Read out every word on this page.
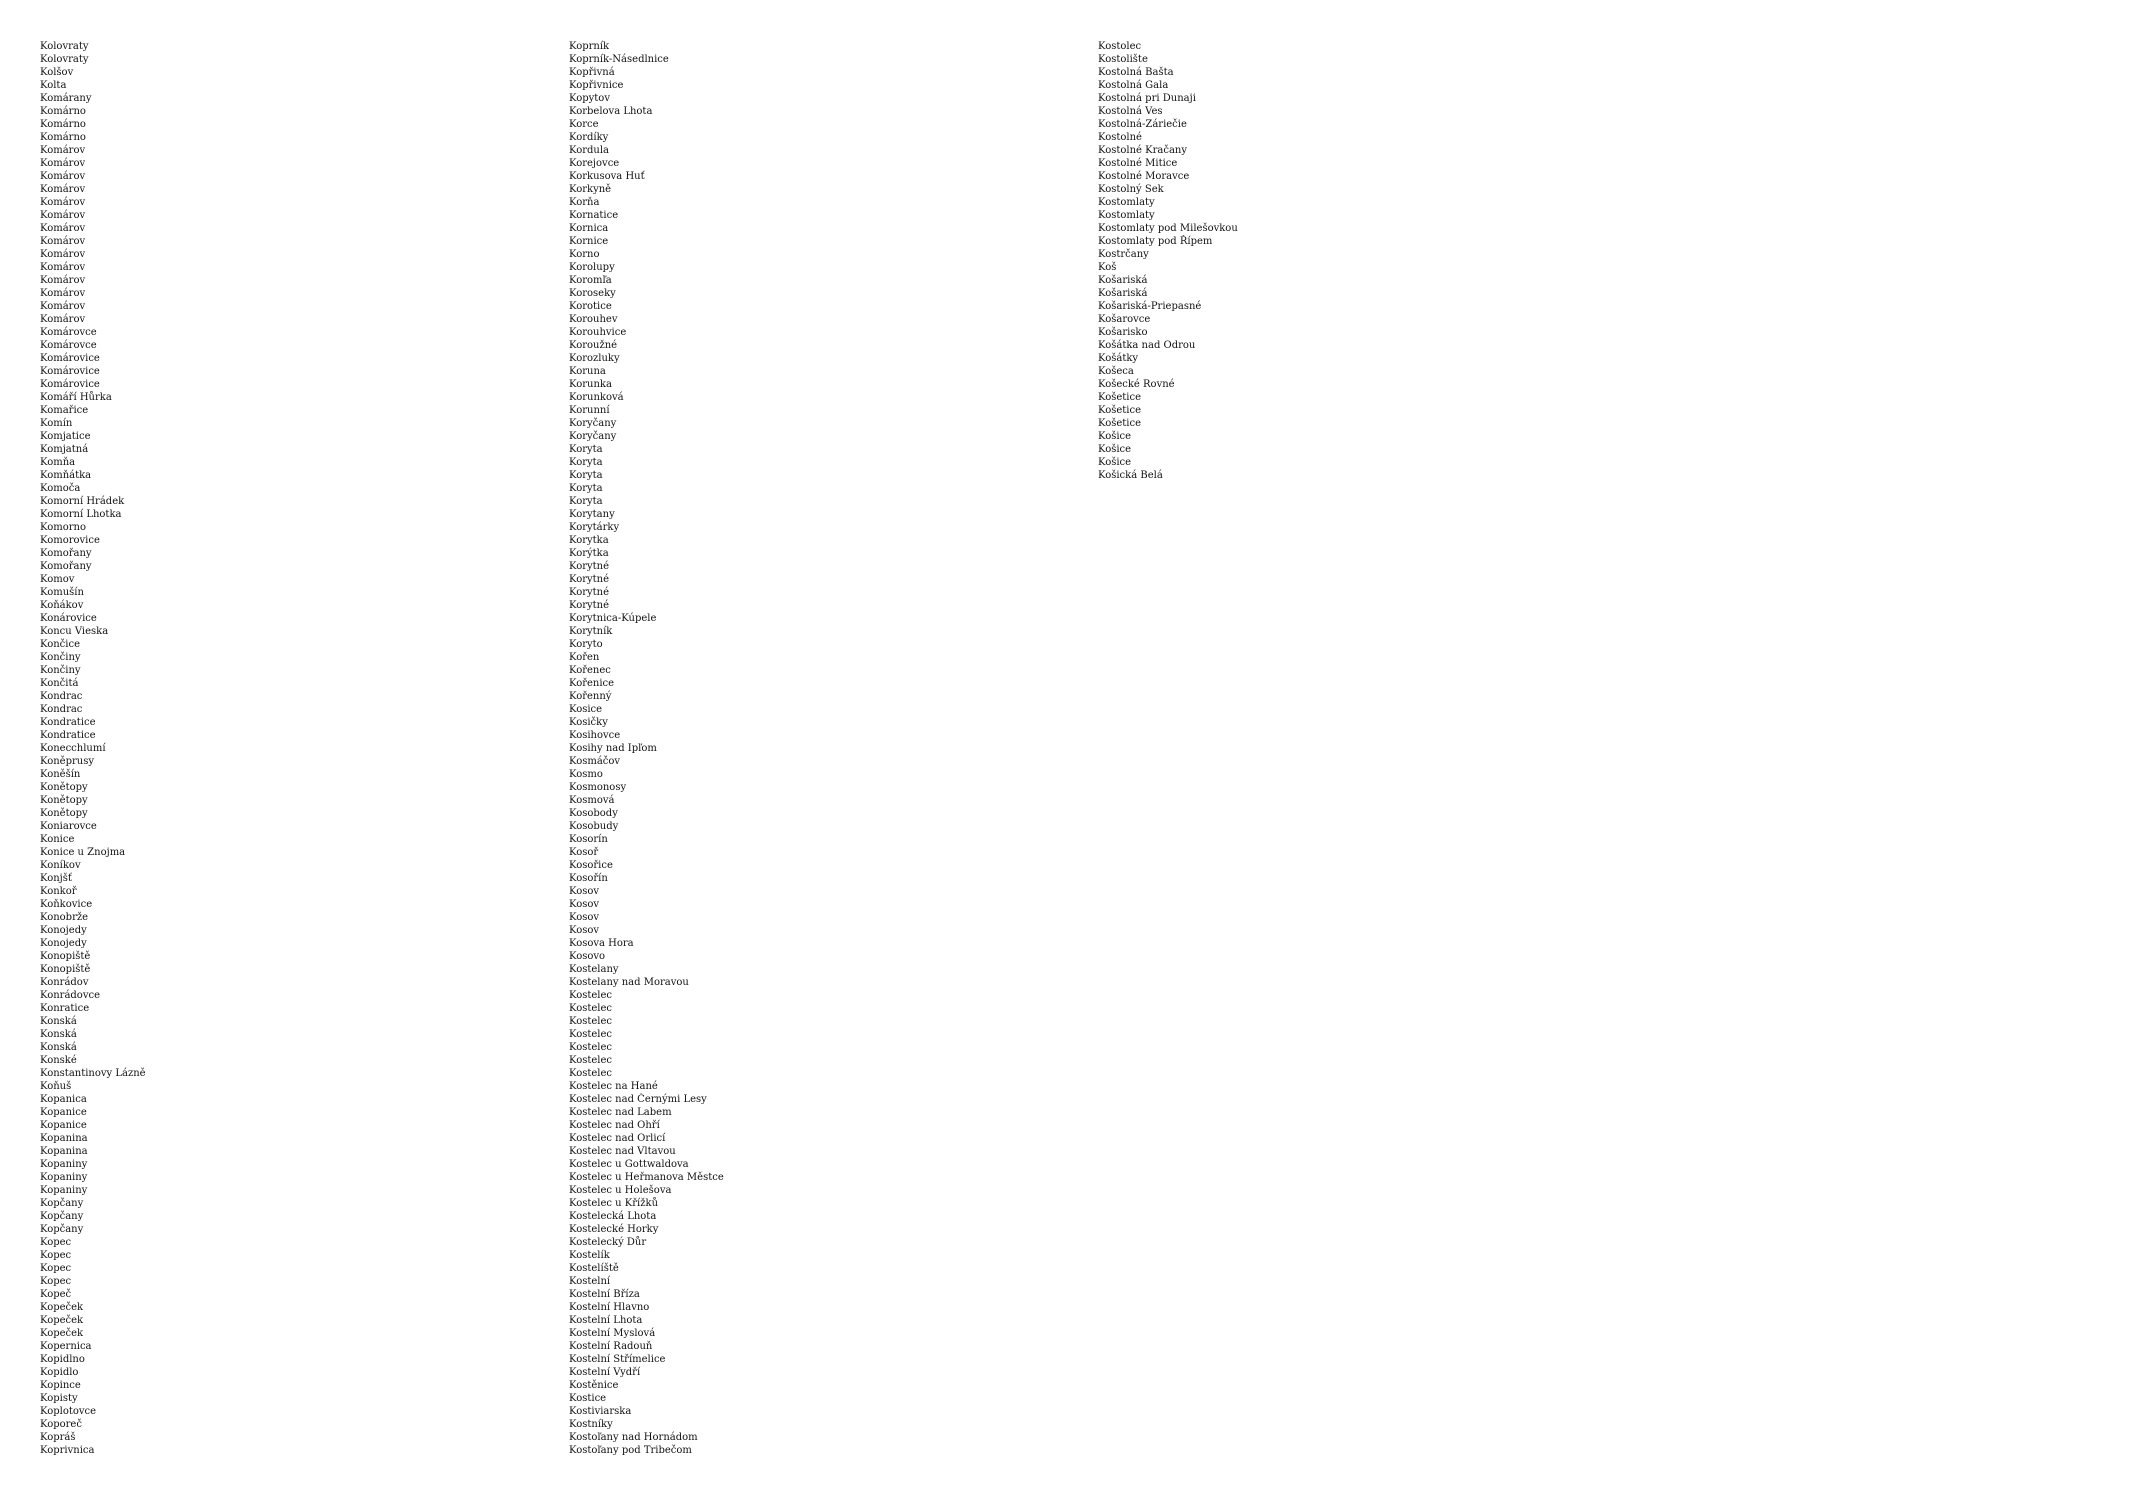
Kolovraty
Kolovraty
Kolšov
Kolta
Komárany
Komárno
Komárno
Komárno
Komárov
Komárov
Komárov
Komárov
Komárov
Komárov
Komárov
Komárov
Komárov
Komárov
Komárov
Komárov
Komárov
Komárov
Komárovce
Komárovce
Komárovice
Komárovice
Komárovice
Komáří Hůrka
Komařice
Komín
Komjatice
Komjatná
Komňa
Komňátka
Komoča
Komorní Hrádek
Komorní Lhotka
Komorno
Komorovice
Komořany
Komořany
Komov
Komušín
Koňákov
Konárovice
Koncu Vieska
Končice
Končiny
Končiny
Končitá
Kondrac
Kondrac
Kondratice
Kondratice
Konecchlumí
Koněprusy
Koněšín
Konětopy
Konětopy
Konětopy
Koniarovce
Konice
Konice u Znojma
Koníkov
Konjšť
Konkoř
Koňkovice
Konobrže
Konojedy
Konojedy
Konopiště
Konopiště
Konrádov
Konrádovce
Konratice
Konská
Konská
Konská
Konské
Konstantinovy Lázně
Koňuš
Kopanica
Kopanice
Kopanice
Kopanina
Kopanina
Kopaniny
Kopaniny
Kopaniny
Kopčany
Kopčany
Kopčany
Kopec
Kopec
Kopec
Kopec
Kopeč
Kopeček
Kopeček
Kopeček
Kopernica
Kopidlno
Kopidlo
Kopince
Kopisty
Koplotovce
Koporeč
Kopráš
Koprivnica
Koprník
Koprník-Násedlnice
Kopřivná
Kopřivnice
Kopytov
Korbelova Lhota
Korce
Kordíky
Kordula
Korejovce
Korkusova Huť
Korkyně
Korňa
Kornatice
Kornica
Kornice
Korno
Korolupy
Koromľa
Koroseky
Korotice
Korouhev
Korouhvice
Koroužné
Korozluky
Koruna
Korunka
Korunková
Korunní
Koryčany
Koryčany
Koryta
Koryta
Koryta
Koryta
Koryta
Korytany
Korytárky
Korytka
Korýtka
Korytné
Korytné
Korytné
Korytné
Korytnica-Kúpele
Korytník
Koryto
Kořen
Kořenec
Kořenice
Kořenný
Kosice
Kosičky
Kosihovce
Kosihy nad Ipľom
Kosmáčov
Kosmo
Kosmonosy
Kosmová
Kosobody
Kosobudy
Kosorín
Kosoř
Kosořice
Kosořín
Kosov
Kosov
Kosov
Kosov
Kosova Hora
Kosovo
Kostelany
Kostelany nad Moravou
Kostelec
Kostelec
Kostelec
Kostelec
Kostelec
Kostelec
Kostelec
Kostelec na Hané
Kostelec nad Černými Lesy
Kostelec nad Labem
Kostelec nad Ohří
Kostelec nad Orlicí
Kostelec nad Vltavou
Kostelec u Gottwaldova
Kostelec u Heřmanova Městce
Kostelec u Holešova
Kostelec u Křížků
Kostelecká Lhota
Kostelecké Horky
Kostelecký Důr
Kostelík
Kostelíště
Kostelní
Kostelní Bříza
Kostelní Hlavno
Kostelní Lhota
Kostelní Myslová
Kostelní Radouň
Kostelní Střímelice
Kostelní Vydří
Kostěnice
Kostice
Kostiviarska
Kostníky
Kostoľany nad Hornádom
Kostoľany pod Tribečom
Kostolec
Kostolište
Kostolná Bašta
Kostolná Gala
Kostolná pri Dunaji
Kostolná Ves
Kostolná-Záriečie
Kostolné
Kostolné Kračany
Kostolné Mitice
Kostolné Moravce
Kostolný Sek
Kostomlaty
Kostomlaty
Kostomlaty pod Milešovkou
Kostomlaty pod Řípem
Kostrčany
Koš
Košariská
Košariská
Košariská-Priepasné
Košarovce
Košarisko
Košátka nad Odrou
Košátky
Košeca
Košecké Rovné
Košetice
Košetice
Košetice
Košice
Košice
Košice
Košická Belá
